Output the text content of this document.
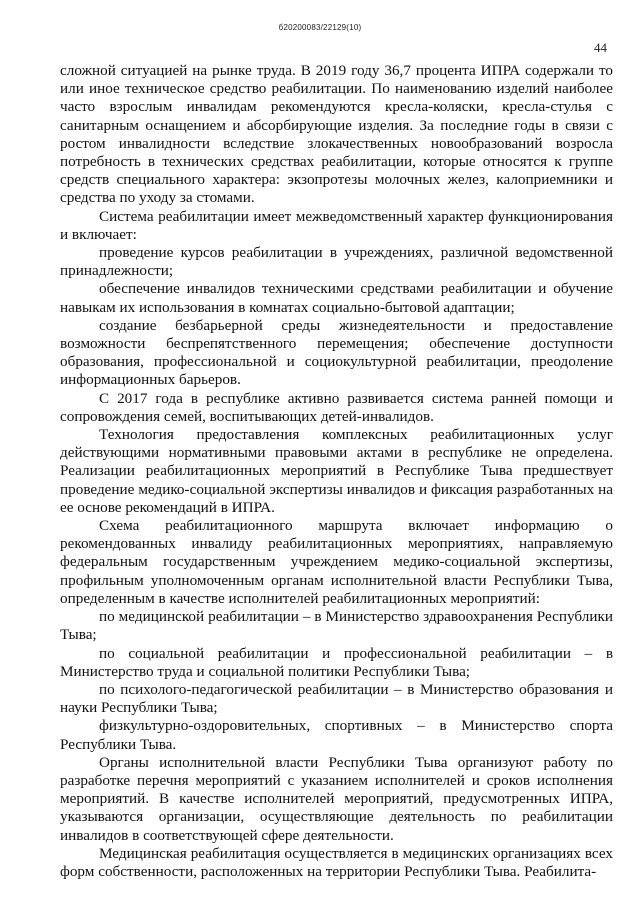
б20200083/22129(10)
44

сложной ситуацией на рынке труда. В 2019 году 36,7 процента ИПРА содержали то или иное техническое средство реабилитации. По наименованию изделий наиболее часто взрослым инвалидам рекомендуются кресла-коляски, кресла-стулья с санитарным оснащением и абсорбирующие изделия. За последние годы в связи с ростом инвалидности вследствие злокачественных новообразований возросла потребность в технических средствах реабилитации, которые относятся к группе средств специального характера: экзопротезы молочных желез, калоприемники и средства по уходу за стомами.

Система реабилитации имеет межведомственный характер функционирования и включает:

проведение курсов реабилитации в учреждениях, различной ведомственной принадлежности;

обеспечение инвалидов техническими средствами реабилитации и обучение навыкам их использования в комнатах социально-бытовой адаптации;

создание безбарьерной среды жизнедеятельности и предоставление возможности беспрепятственного перемещения; обеспечение доступности образования, профессиональной и социокультурной реабилитации, преодоление информационных барьеров.

С 2017 года в республике активно развивается система ранней помощи и сопровождения семей, воспитывающих детей-инвалидов.

Технология предоставления комплексных реабилитационных услуг действующими нормативными правовыми актами в республике не определена. Реализации реабилитационных мероприятий в Республике Тыва предшествует проведение медико-социальной экспертизы инвалидов и фиксация разработанных на ее основе рекомендаций в ИПРА.

Схема реабилитационного маршрута включает информацию о рекомендованных инвалиду реабилитационных мероприятиях, направляемую федеральным государственным учреждением медико-социальной экспертизы, профильным уполномоченным органам исполнительной власти Республики Тыва, определенным в качестве исполнителей реабилитационных мероприятий:

по медицинской реабилитации – в Министерство здравоохранения Республики Тыва;

по социальной реабилитации и профессиональной реабилитации – в Министерство труда и социальной политики Республики Тыва;

по психолого-педагогической реабилитации – в Министерство образования и науки Республики Тыва;

физкультурно-оздоровительных, спортивных – в Министерство спорта Республики Тыва.

Органы исполнительной власти Республики Тыва организуют работу по разработке перечня мероприятий с указанием исполнителей и сроков исполнения мероприятий. В качестве исполнителей мероприятий, предусмотренных ИПРА, указываются организации, осуществляющие деятельность по реабилитации инвалидов в соответствующей сфере деятельности.

Медицинская реабилитация осуществляется в медицинских организациях всех форм собственности, расположенных на территории Республики Тыва. Реабилита-
